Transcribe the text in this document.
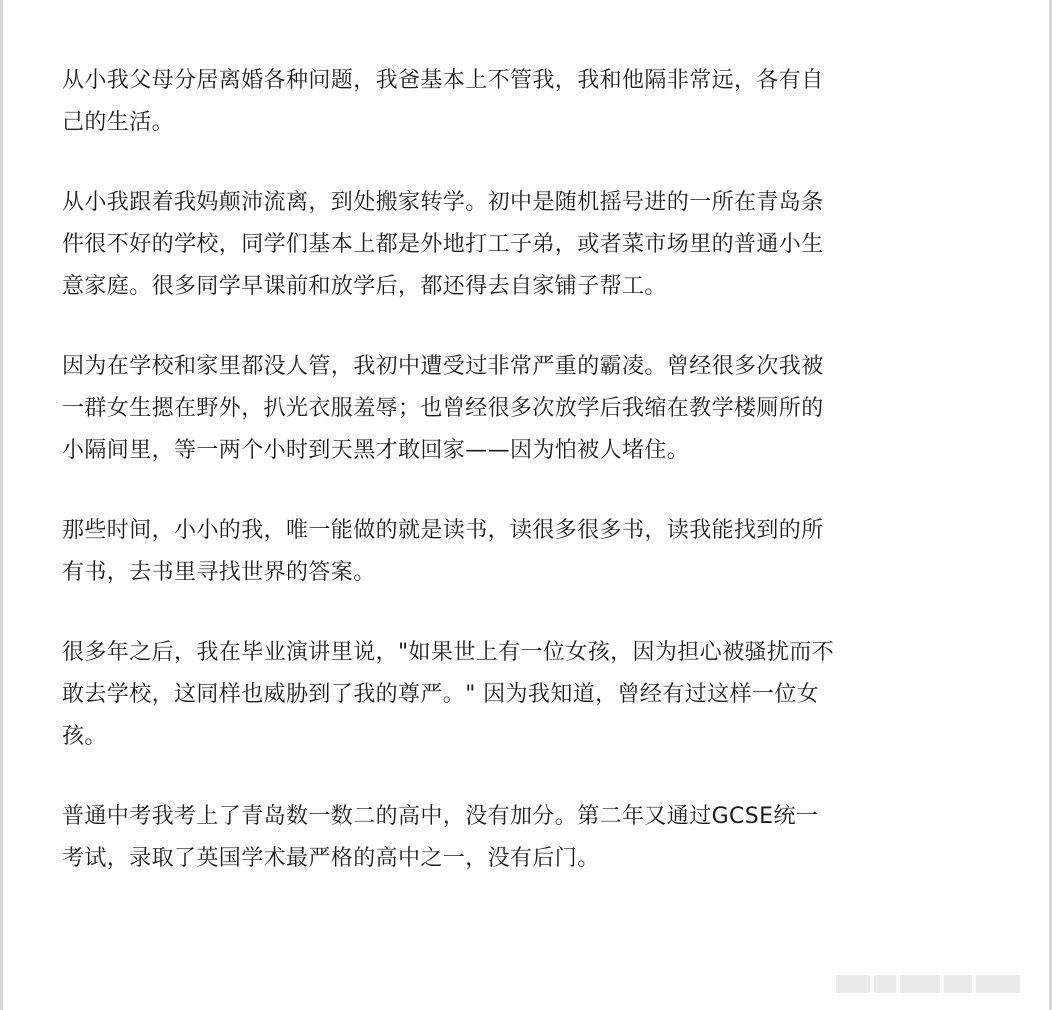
从小我父母分居离婚各种问题，我爸基本上不管我，我和他隔非常远，各有自
己的生活。

从小我跟着我妈颠沛流离，到处搬家转学。初中是随机摇号进的一所在青岛条
件很不好的学校，同学们基本上都是外地打工子弟，或者菜市场里的普通小生
意家庭。很多同学早课前和放学后，都还得去自家铺子帮工。

因为在学校和家里都没人管，我初中遭受过非常严重的霸凌。曾经很多次我被
一群女生摁在野外，扒光衣服羞辱；也曾经很多次放学后我缩在教学楼厕所的
小隔间里，等一两个小时到天黑才敢回家——因为怕被人堵住。

那些时间，小小的我，唯一能做的就是读书，读很多很多书，读我能找到的所
有书，去书里寻找世界的答案。

很多年之后，我在毕业演讲里说，"如果世上有一位女孩，因为担心被骚扰而不
敢去学校，这同样也威胁到了我的尊严。" 因为我知道，曾经有过这样一位女
孩。

普通中考我考上了青岛数一数二的高中，没有加分。第二年又通过GCSE统一
考试，录取了英国学术最严格的高中之一，没有后门。
